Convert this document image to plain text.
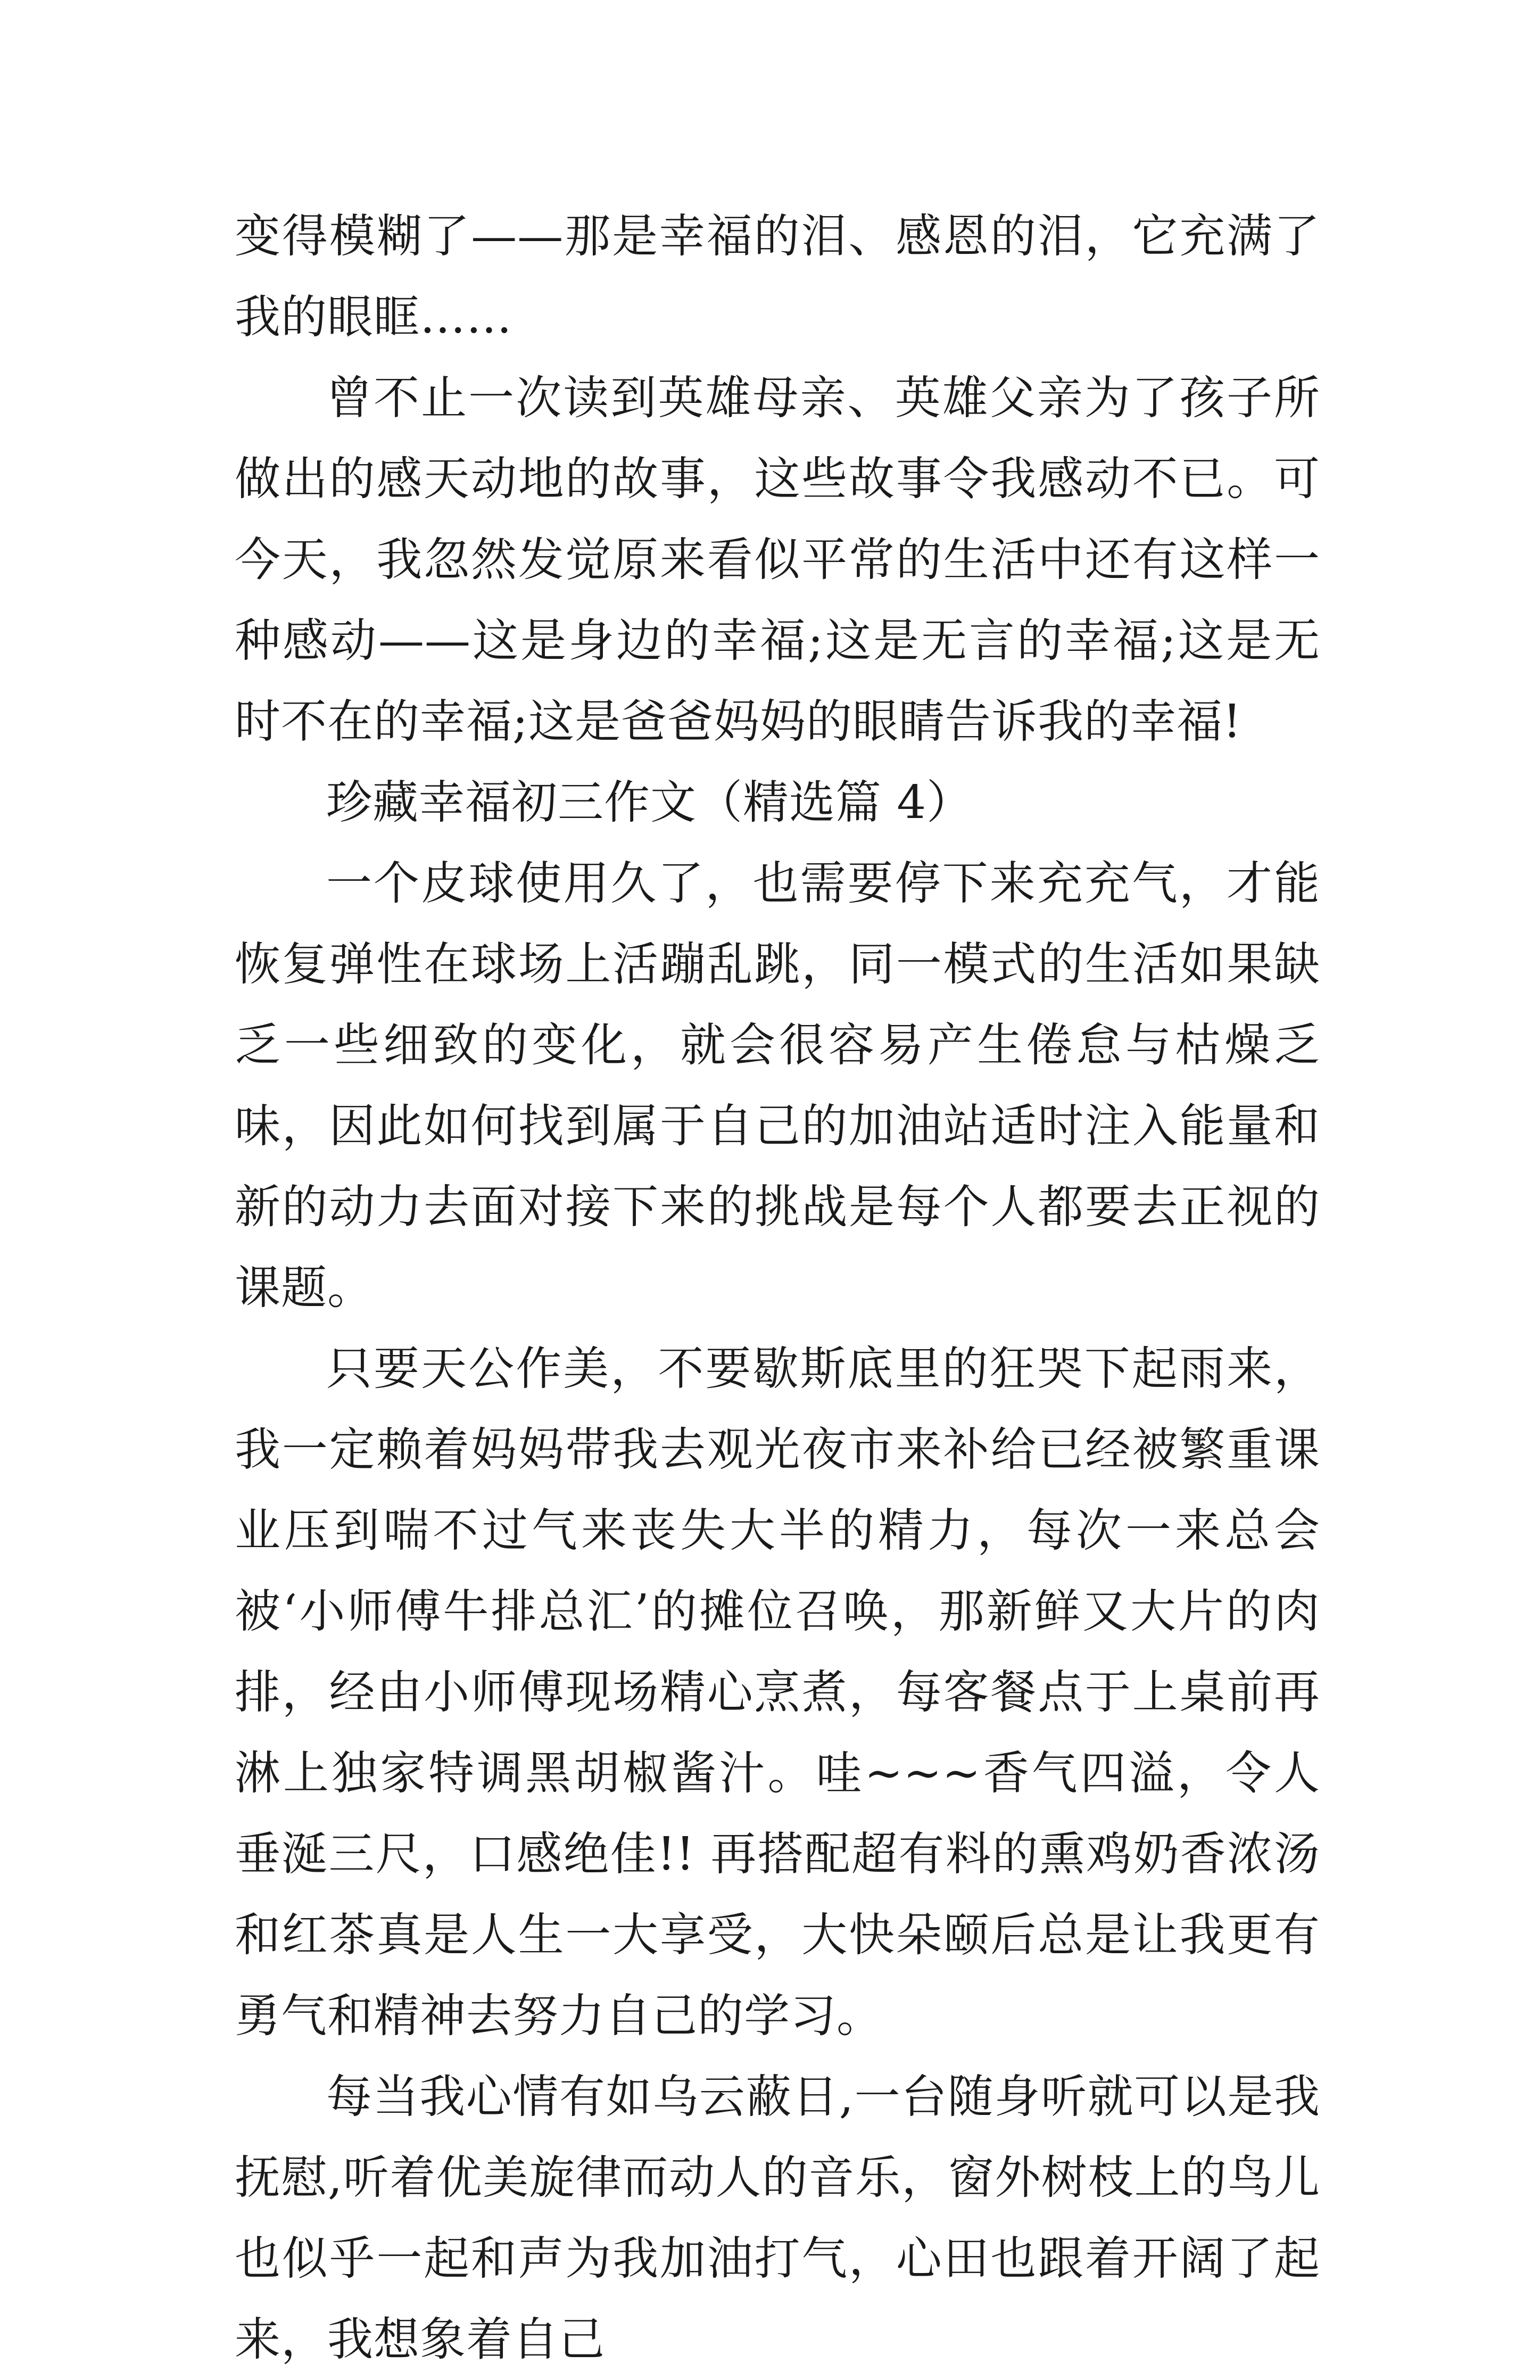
变得模糊了——那是幸福的泪、感恩的泪，它充满了我的眼眶……

曾不止一次读到英雄母亲、英雄父亲为了孩子所做出的感天动地的故事，这些故事令我感动不已。可今天，我忽然发觉原来看似平常的生活中还有这样一种感动——这是身边的幸福;这是无言的幸福;这是无时不在的幸福;这是爸爸妈妈的眼睛告诉我的幸福!

珍藏幸福初三作文（精选篇 4）

一个皮球使用久了，也需要停下来充充气，才能恢复弹性在球场上活蹦乱跳，同一模式的生活如果缺乏一些细致的变化，就会很容易产生倦怠与枯燥乏味，因此如何找到属于自己的加油站适时注入能量和新的动力去面对接下来的挑战是每个人都要去正视的课题。

只要天公作美，不要歇斯底里的狂哭下起雨来，我一定赖着妈妈带我去观光夜市来补给已经被繁重课业压到喘不过气来丧失大半的精力，每次一来总会被‘小师傅牛排总汇’的摊位召唤，那新鲜又大片的肉排，经由小师傅现场精心烹煮，每客餐点于上桌前再淋上独家特调黑胡椒酱汁。哇~~~香气四溢，令人垂涎三尺，口感绝佳!! 再搭配超有料的熏鸡奶香浓汤和红茶真是人生一大享受，大快朵颐后总是让我更有勇气和精神去努力自己的学习。

每当我心情有如乌云蔽日,一台随身听就可以是我抚慰,听着优美旋律而动人的音乐，窗外树枝上的鸟儿也似乎一起和声为我加油打气，心田也跟着开阔了起来，我想象着自己
